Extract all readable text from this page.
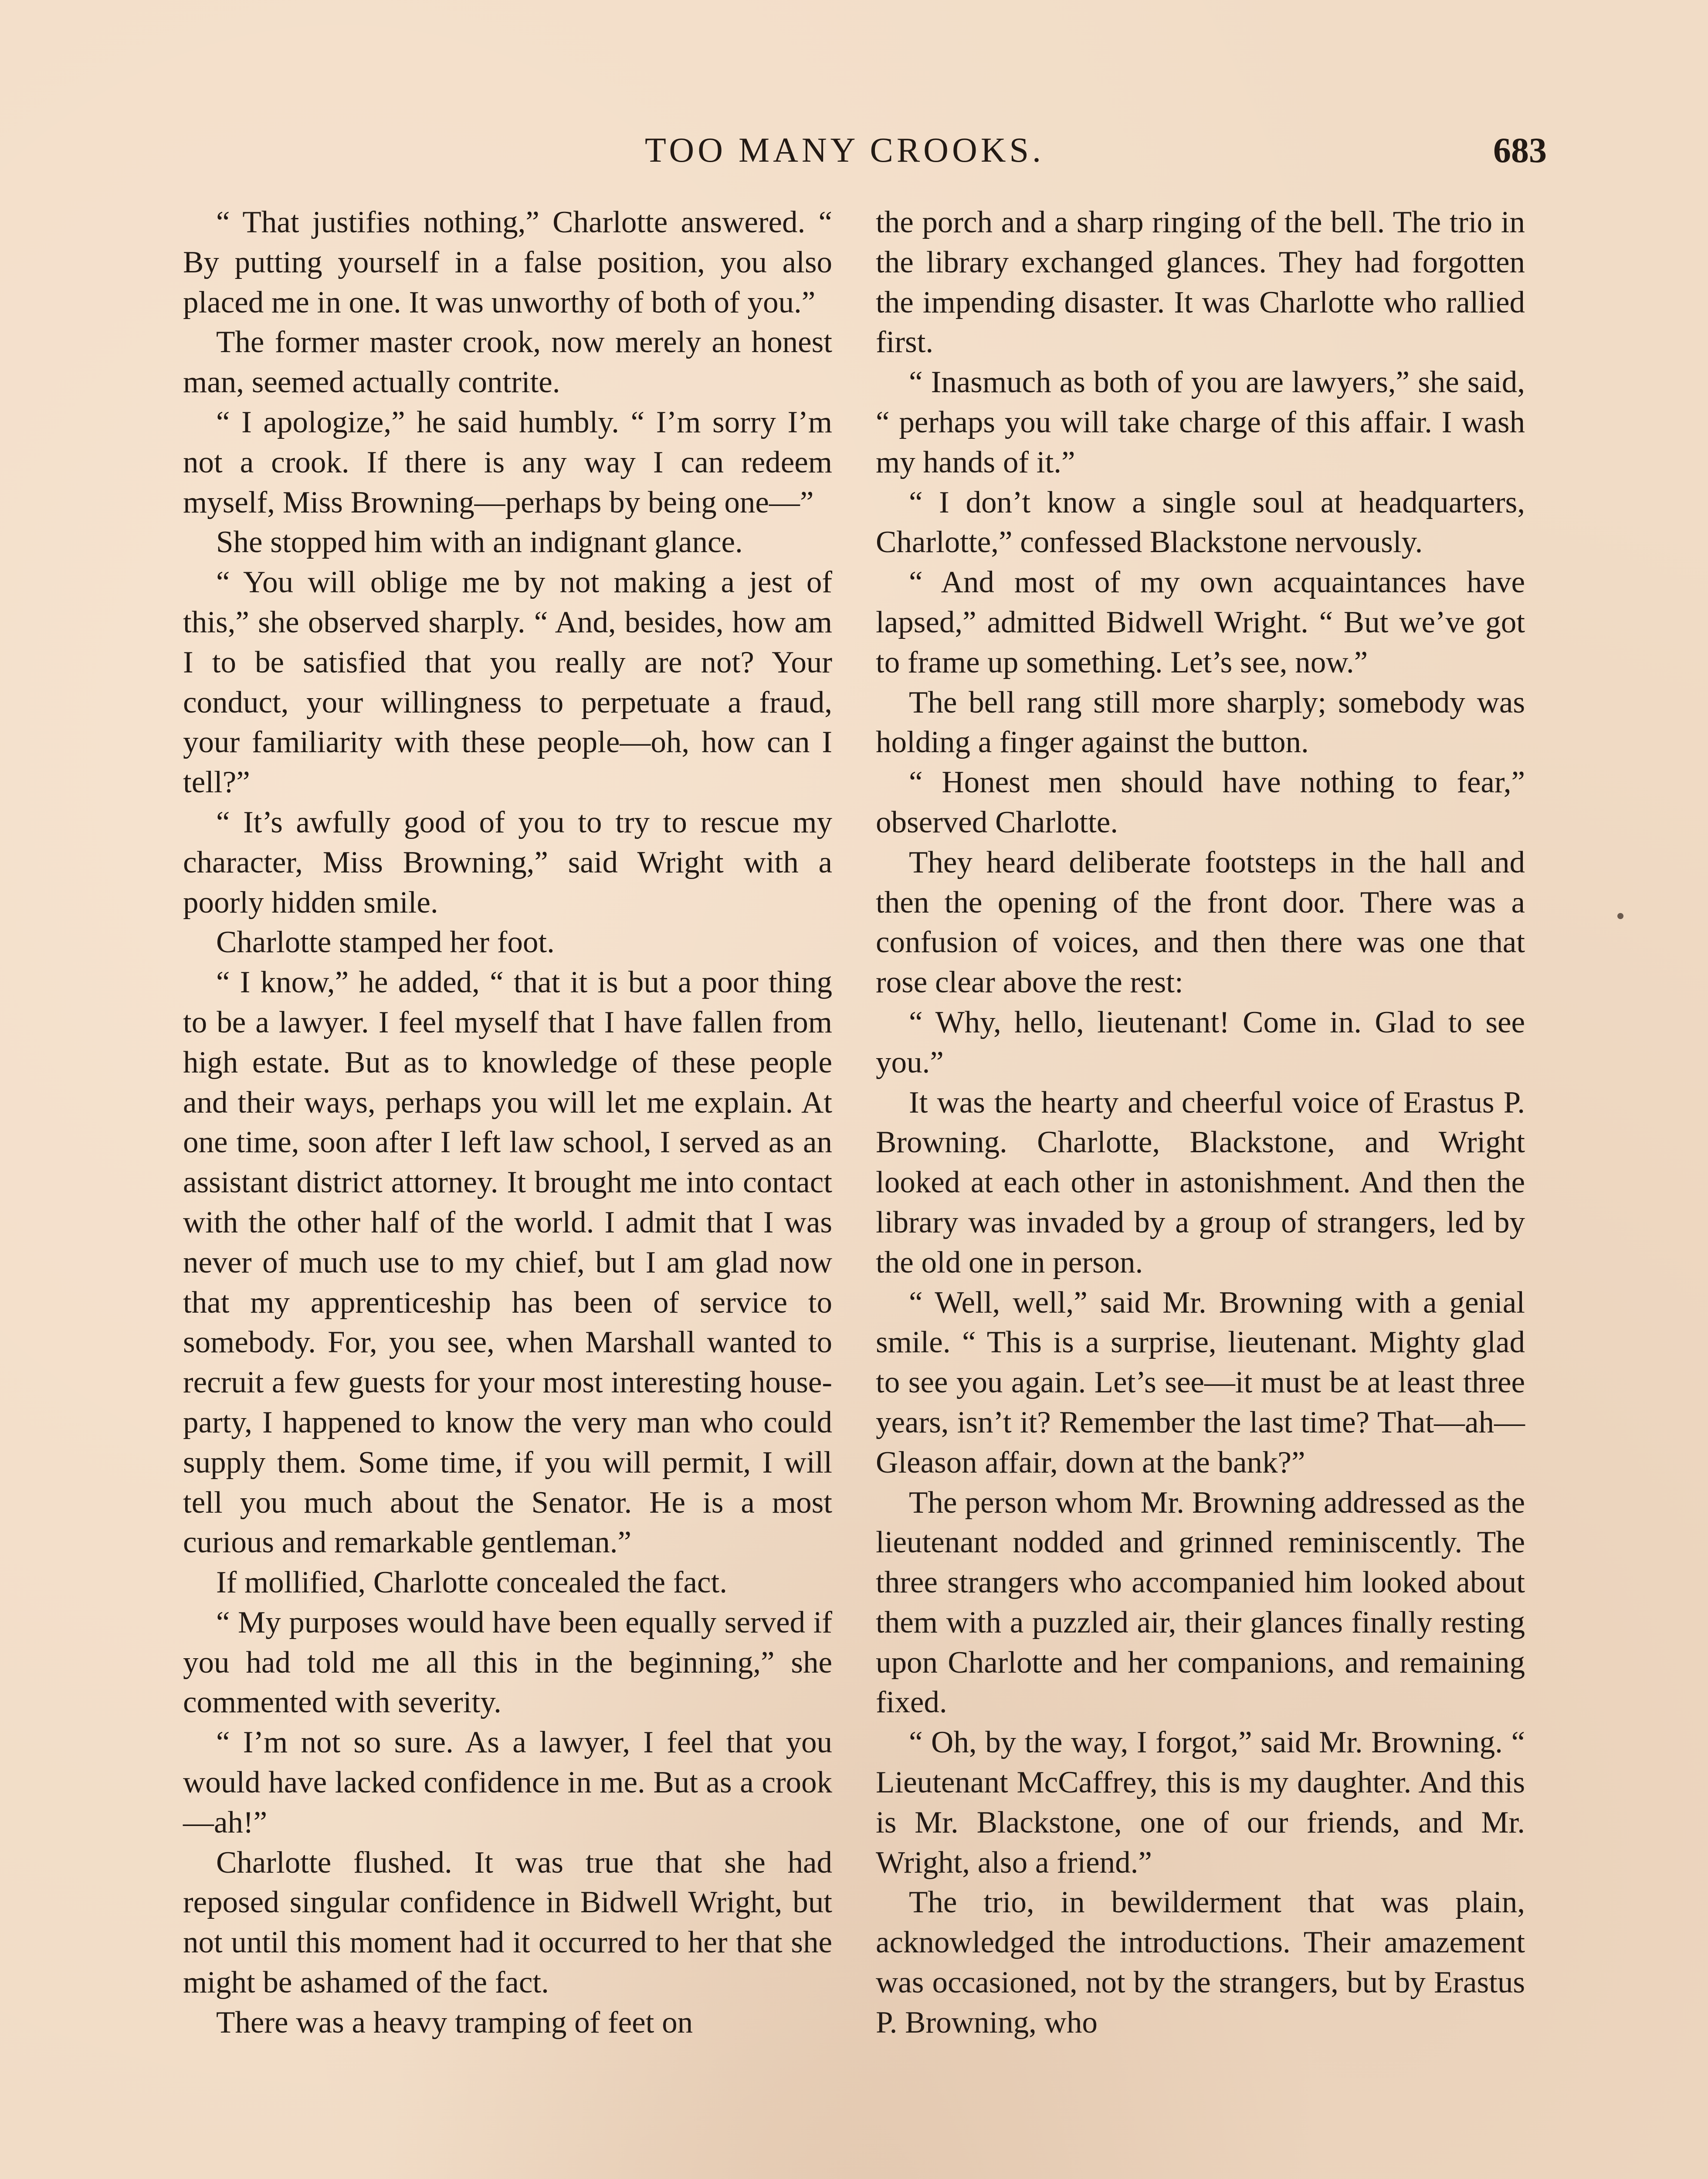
TOO MANY CROOKS.	683

“ That justifies nothing,” Charlotte answered. “ By putting yourself in a false position, you also placed me in one. It was unworthy of both of you.”

The former master crook, now merely an honest man, seemed actually contrite.

“ I apologize,” he said humbly. “ I’m sorry I’m not a crook. If there is any way I can redeem myself, Miss Browning—perhaps by being one—”

She stopped him with an indignant glance.

“ You will oblige me by not making a jest of this,” she observed sharply. “ And, besides, how am I to be satisfied that you really are not? Your conduct, your willingness to perpetuate a fraud, your familiarity with these people—oh, how can I tell?”

“ It’s awfully good of you to try to rescue my character, Miss Browning,” said Wright with a poorly hidden smile.

Charlotte stamped her foot.

“ I know,” he added, “ that it is but a poor thing to be a lawyer. I feel myself that I have fallen from high estate. But as to knowledge of these people and their ways, perhaps you will let me explain. At one time, soon after I left law school, I served as an assistant district attorney. It brought me into contact with the other half of the world. I admit that I was never of much use to my chief, but I am glad now that my apprenticeship has been of service to somebody. For, you see, when Marshall wanted to recruit a few guests for your most interesting house-party, I happened to know the very man who could supply them. Some time, if you will permit, I will tell you much about the Senator. He is a most curious and remarkable gentleman.”

If mollified, Charlotte concealed the fact.

“ My purposes would have been equally served if you had told me all this in the beginning,” she commented with severity.

“ I’m not so sure. As a lawyer, I feel that you would have lacked confidence in me. But as a crook—ah!”

Charlotte flushed. It was true that she had reposed singular confidence in Bidwell Wright, but not until this moment had it occurred to her that she might be ashamed of the fact.

There was a heavy tramping of feet on

the porch and a sharp ringing of the bell. The trio in the library exchanged glances. They had forgotten the impending disaster. It was Charlotte who rallied first.

“ Inasmuch as both of you are lawyers,” she said, “ perhaps you will take charge of this affair. I wash my hands of it.”

“ I don’t know a single soul at headquarters, Charlotte,” confessed Blackstone nervously.

“ And most of my own acquaintances have lapsed,” admitted Bidwell Wright. “ But we’ve got to frame up something. Let’s see, now.”

The bell rang still more sharply; somebody was holding a finger against the button.

“ Honest men should have nothing to fear,” observed Charlotte.

They heard deliberate footsteps in the hall and then the opening of the front door. There was a confusion of voices, and then there was one that rose clear above the rest:

“ Why, hello, lieutenant! Come in. Glad to see you.”

It was the hearty and cheerful voice of Erastus P. Browning. Charlotte, Blackstone, and Wright looked at each other in astonishment. And then the library was invaded by a group of strangers, led by the old one in person.

“ Well, well,” said Mr. Browning with a genial smile. “ This is a surprise, lieutenant. Mighty glad to see you again. Let’s see—it must be at least three years, isn’t it? Remember the last time? That—ah—Gleason affair, down at the bank?”

The person whom Mr. Browning addressed as the lieutenant nodded and grinned reminiscently. The three strangers who accompanied him looked about them with a puzzled air, their glances finally resting upon Charlotte and her companions, and remaining fixed.

“ Oh, by the way, I forgot,” said Mr. Browning. “ Lieutenant McCaffrey, this is my daughter. And this is Mr. Blackstone, one of our friends, and Mr. Wright, also a friend.”

The trio, in bewilderment that was plain, acknowledged the introductions. Their amazement was occasioned, not by the strangers, but by Erastus P. Browning, who
